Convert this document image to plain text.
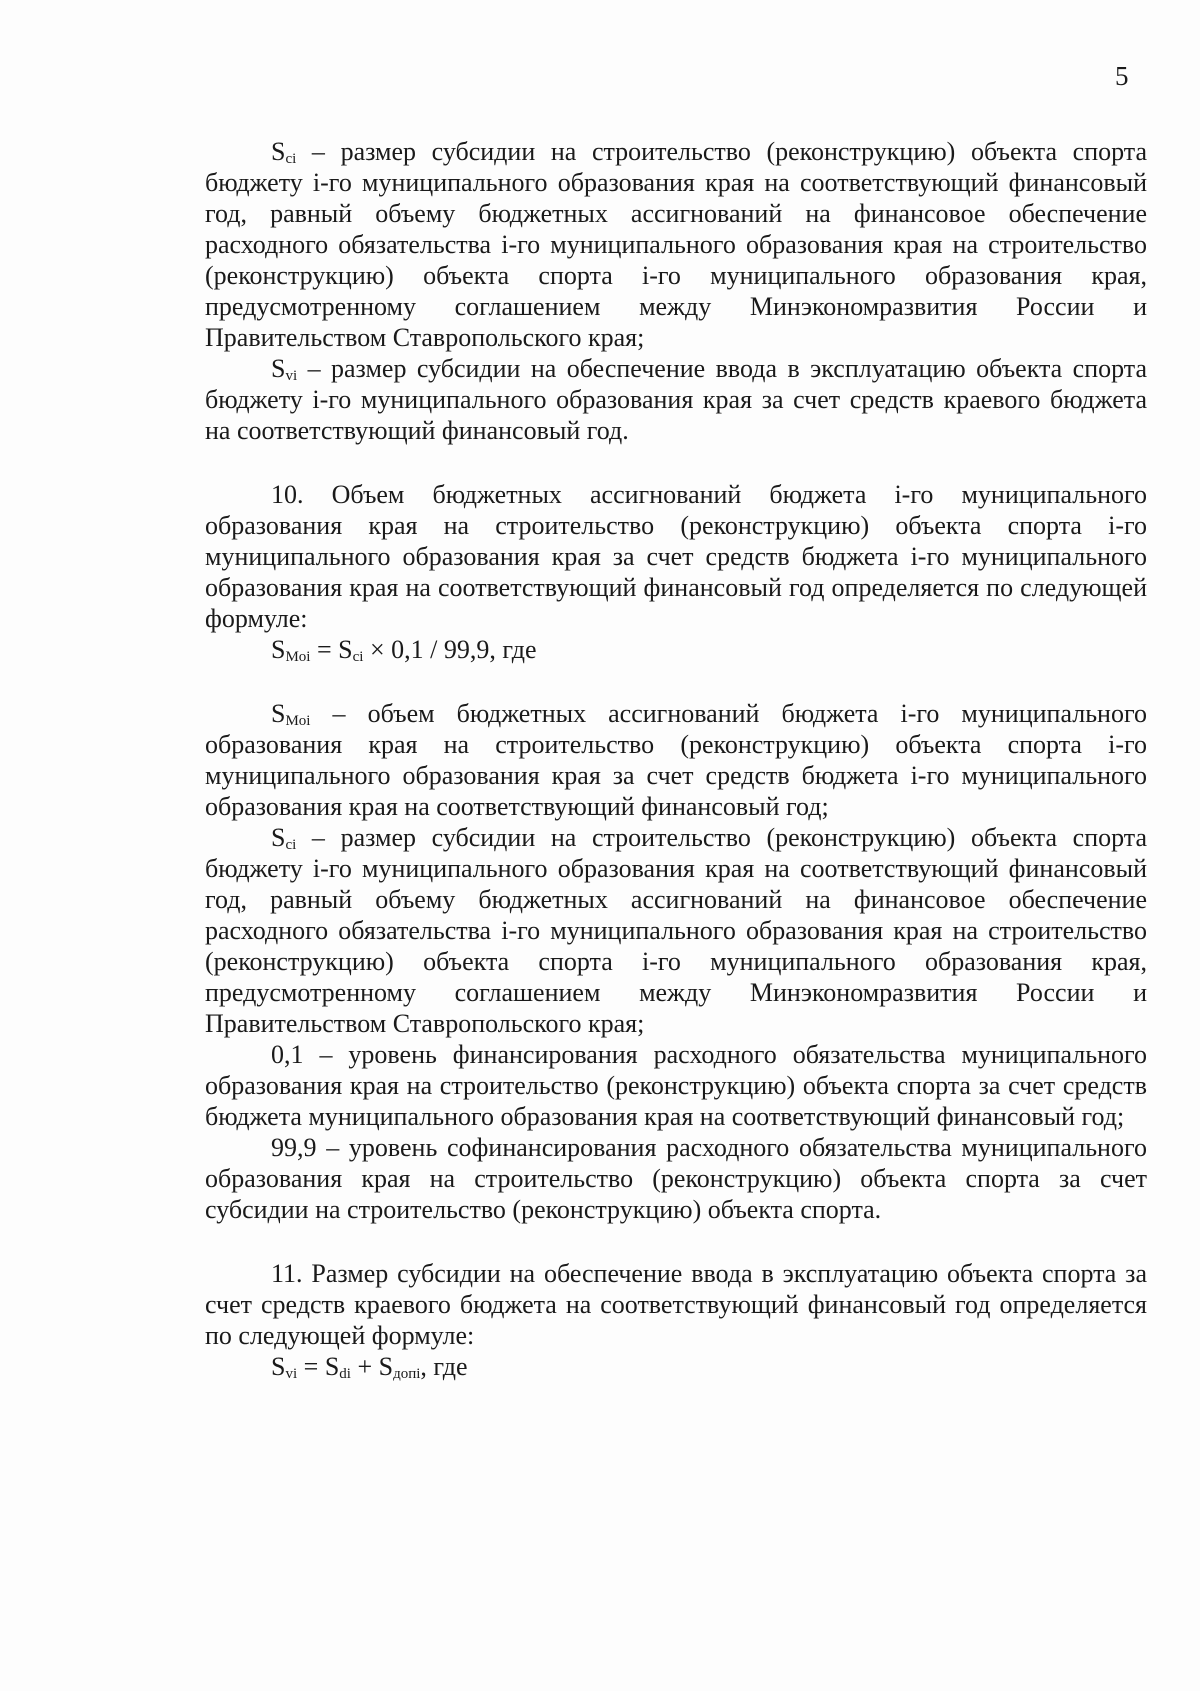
5

$S_{ci}$ – размер субсидии на строительство (реконструкцию) объекта спорта бюджету i-го муниципального образования края на соответствующий финансовый год, равный объему бюджетных ассигнований на финансовое обеспечение расходного обязательства i-го муниципального образования края на строительство (реконструкцию) объекта спорта i-го муниципального образования края, предусмотренному соглашением между Минэкономразвития России и Правительством Ставропольского края;

$S_{vi}$ – размер субсидии на обеспечение ввода в эксплуатацию объекта спорта бюджету i-го муниципального образования края за счет средств краевого бюджета на соответствующий финансовый год.

10. Объем бюджетных ассигнований бюджета i-го муниципального образования края на строительство (реконструкцию) объекта спорта i-го муниципального образования края за счет средств бюджета i-го муниципального образования края на соответствующий финансовый год определяется по следующей формуле:

$S_{Moi} = S_{ci} \times 0,1 / 99,9$, где

$S_{Moi}$ – объем бюджетных ассигнований бюджета i-го муниципального образования края на строительство (реконструкцию) объекта спорта i-го муниципального образования края за счет средств бюджета i-го муниципального образования края на соответствующий финансовый год;

$S_{ci}$ – размер субсидии на строительство (реконструкцию) объекта спорта бюджету i-го муниципального образования края на соответствующий финансовый год, равный объему бюджетных ассигнований на финансовое обеспечение расходного обязательства i-го муниципального образования края на строительство (реконструкцию) объекта спорта i-го муниципального образования края, предусмотренному соглашением между Минэкономразвития России и Правительством Ставропольского края;

0,1 – уровень финансирования расходного обязательства муниципального образования края на строительство (реконструкцию) объекта спорта за счет средств бюджета муниципального образования края на соответствующий финансовый год;

99,9 – уровень софинансирования расходного обязательства муниципального образования края на строительство (реконструкцию) объекта спорта за счет субсидии на строительство (реконструкцию) объекта спорта.

11. Размер субсидии на обеспечение ввода в эксплуатацию объекта спорта за счет средств краевого бюджета на соответствующий финансовый год определяется по следующей формуле:

$S_{vi} = S_{di} + S_{допi}$, где
